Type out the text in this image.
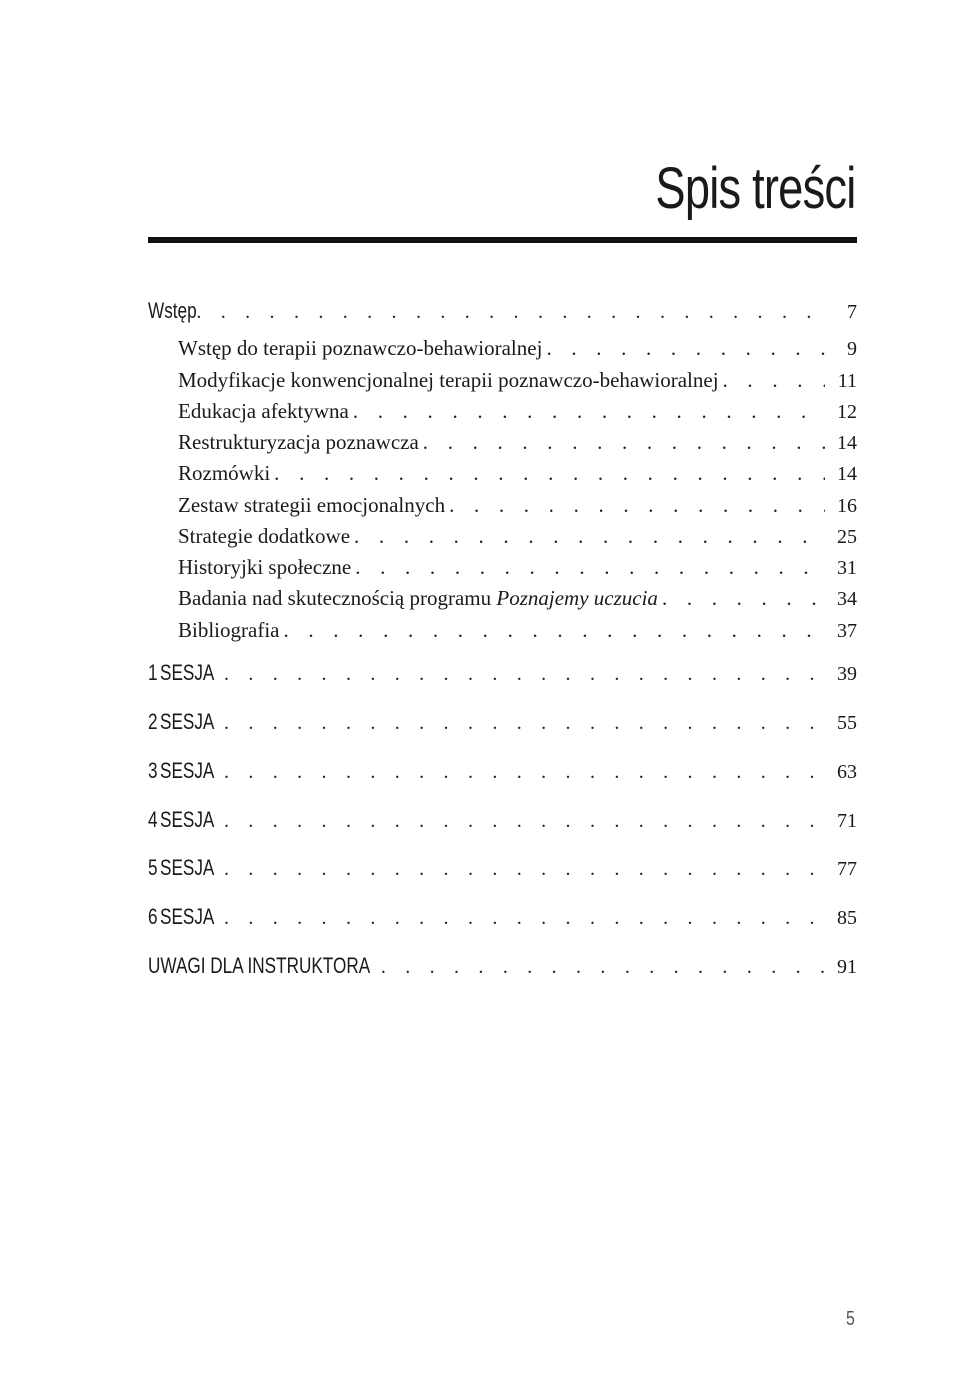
Spis treści
Wstęp . . .	7
Wstęp do terapii poznawczo-behawioralnej . . .	9
Modyfikacje konwencjonalnej terapii poznawczo-behawioralnej . . .	11
Edukacja afektywna . . .	12
Restrukturyzacja poznawcza . . .	14
Rozmówki . . .	14
Zestaw strategii emocjonalnych . . .	16
Strategie dodatkowe . . .	25
Historyjki społeczne . . .	31
Badania nad skutecznością programu Poznajemy uczucia . . .	34
Bibliografia . . .	37
1 SESJA . . .	39
2 SESJA . . .	55
3 SESJA . . .	63
4 SESJA . . .	71
5 SESJA . . .	77
6 SESJA . . .	85
UWAGI DLA INSTRUKTORA . . .	91
5
